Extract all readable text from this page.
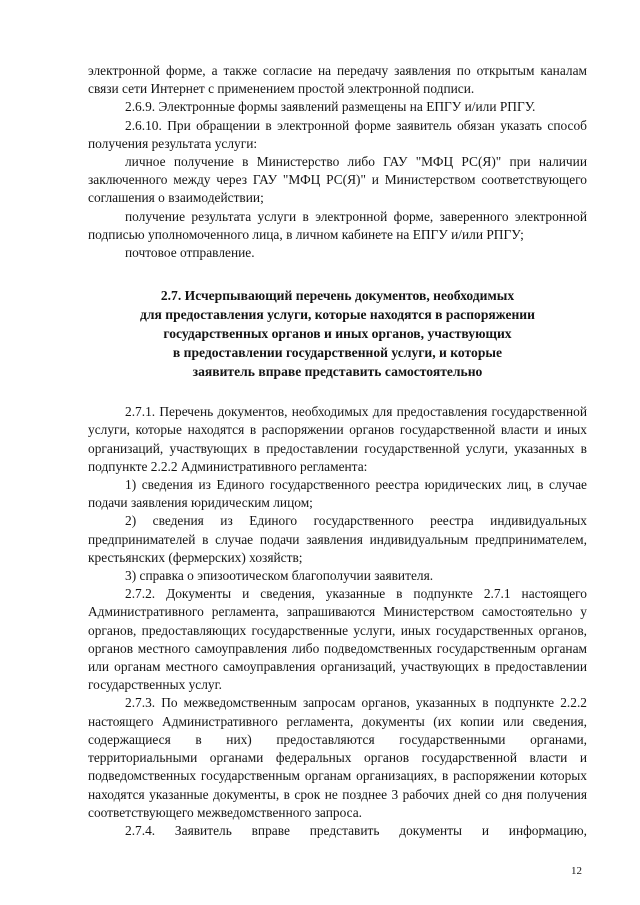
электронной форме, а также согласие на передачу заявления по открытым каналам связи сети Интернет с применением простой электронной подписи.

2.6.9. Электронные формы заявлений размещены на ЕПГУ и/или РПГУ.

2.6.10. При обращении в электронной форме заявитель обязан указать способ получения результата услуги:

личное получение в Министерство либо ГАУ "МФЦ РС(Я)" при наличии заключенного между через ГАУ "МФЦ РС(Я)" и Министерством соответствующего соглашения о взаимодействии;

получение результата услуги в электронной форме, заверенного электронной подписью уполномоченного лица, в личном кабинете на ЕПГУ и/или РПГУ;

почтовое отправление.

2.7. Исчерпывающий перечень документов, необходимых
для предоставления услуги, которые находятся в распоряжении
государственных органов и иных органов, участвующих
в предоставлении государственной услуги, и которые
заявитель вправе представить самостоятельно

2.7.1. Перечень документов, необходимых для предоставления государственной услуги, которые находятся в распоряжении органов государственной власти и иных организаций, участвующих в предоставлении государственной услуги, указанных в подпункте 2.2.2 Административного регламента:

1) сведения из Единого государственного реестра юридических лиц, в случае подачи заявления юридическим лицом;

2) сведения из Единого государственного реестра индивидуальных предпринимателей в случае подачи заявления индивидуальным предпринимателем, крестьянских (фермерских) хозяйств;

3) справка о эпизоотическом благополучии заявителя.

2.7.2. Документы и сведения, указанные в подпункте 2.7.1 настоящего Административного регламента, запрашиваются Министерством самостоятельно у органов, предоставляющих государственные услуги, иных государственных органов, органов местного самоуправления либо подведомственных государственным органам или органам местного самоуправления организаций, участвующих в предоставлении государственных услуг.

2.7.3. По межведомственным запросам органов, указанных в подпункте 2.2.2 настоящего Административного регламента, документы (их копии или сведения, содержащиеся в них) предоставляются государственными органами, территориальными органами федеральных органов государственной власти и подведомственных государственным органам организациях, в распоряжении которых находятся указанные документы, в срок не позднее 3 рабочих дней со дня получения соответствующего межведомственного запроса.

2.7.4. Заявитель вправе представить документы и информацию,

12
